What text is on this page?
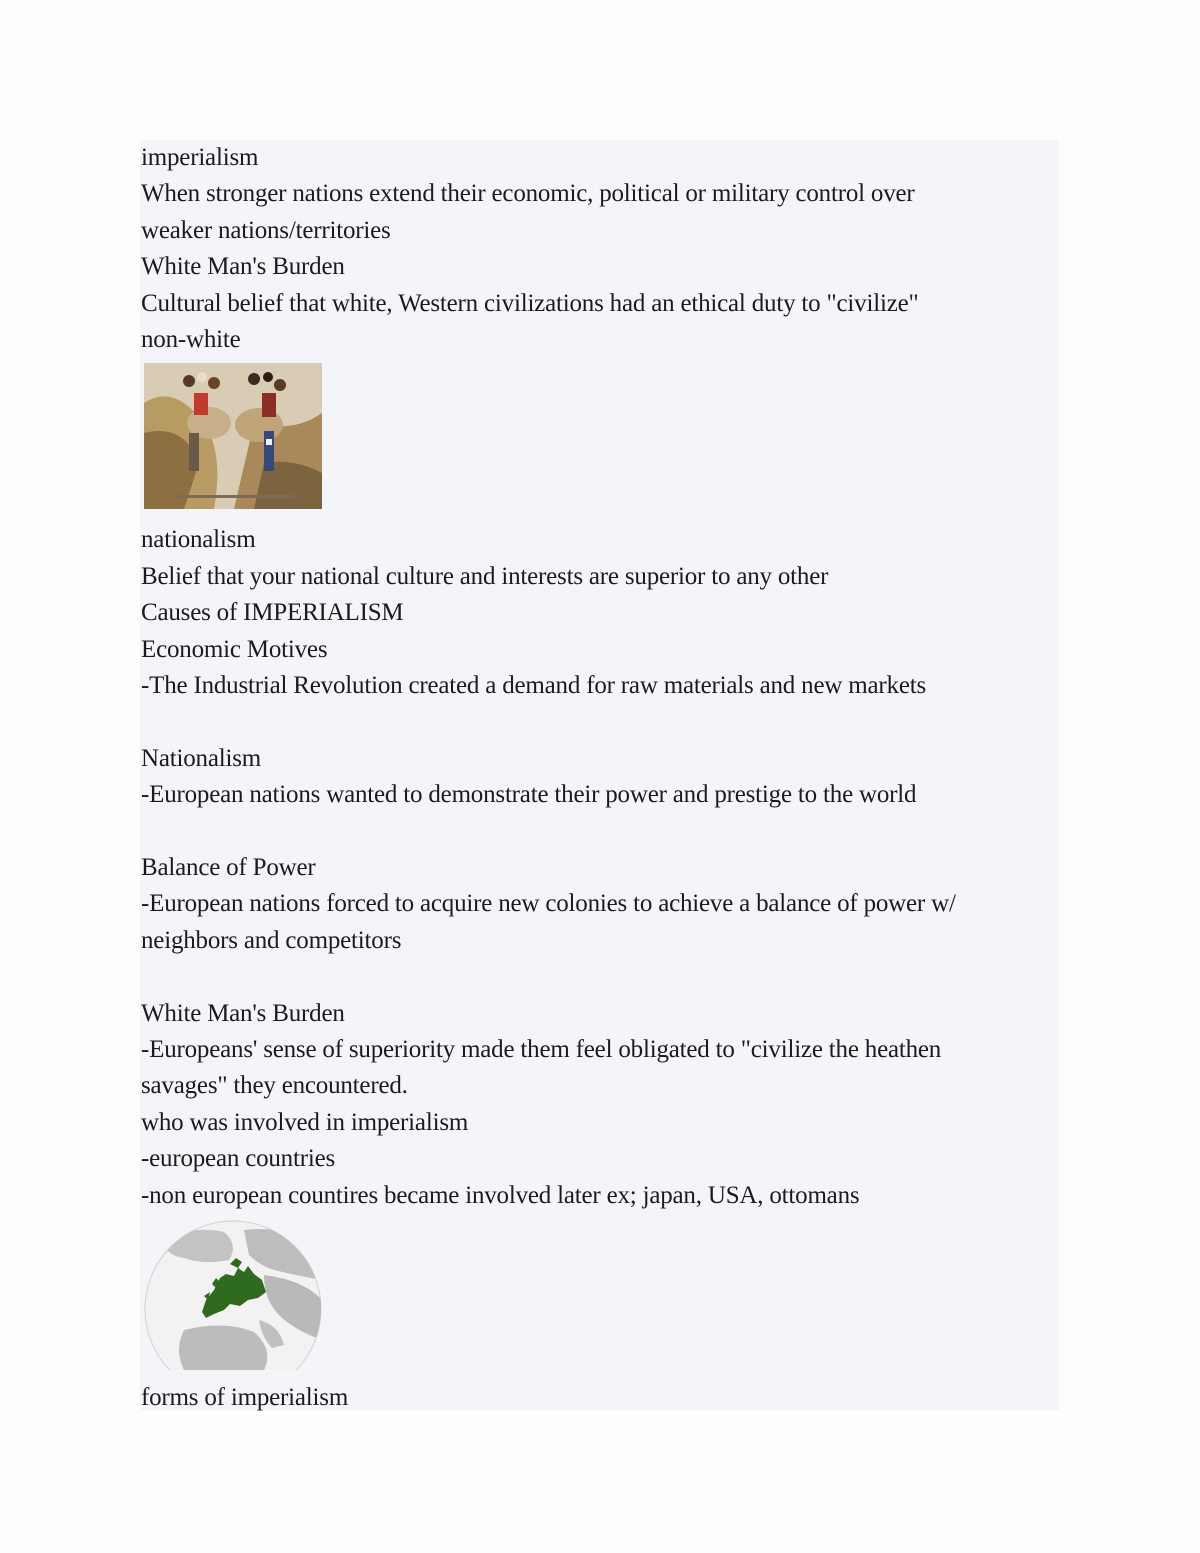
imperialism

When stronger nations extend their economic, political or military control over

weaker nations/territories

White Man's Burden

Cultural belief that white, Western civilizations had an ethical duty to "civilize"

non-white

nationalism

Belief that your national culture and interests are superior to any other

Causes of IMPERIALISM

Economic Motives

-The Industrial Revolution created a demand for raw materials and new markets

Nationalism

-European nations wanted to demonstrate their power and prestige to the world

Balance of Power

-European nations forced to acquire new colonies to achieve a balance of power w/

neighbors and competitors

White Man's Burden

-Europeans' sense of superiority made them feel obligated to "civilize the heathen

savages" they encountered.

who was involved in imperialism

-european countries

-non european countires became involved later ex; japan, USA, ottomans

forms of imperialism
